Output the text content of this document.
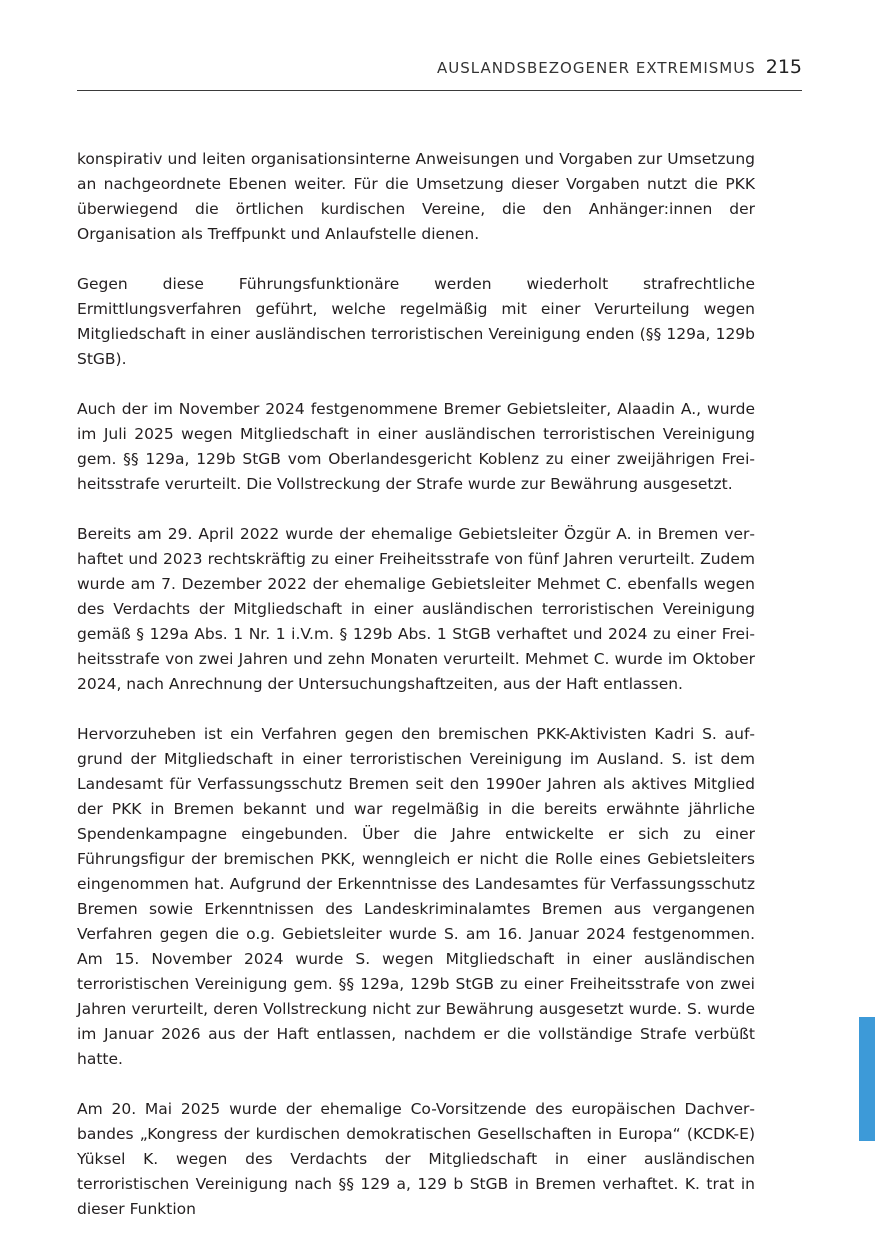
AUSLANDSBEZOGENER EXTREMISMUS 215

konspirativ und leiten organisationsinterne Anweisungen und Vorgaben zur Umsetzung an nachgeordnete Ebenen weiter. Für die Umsetzung dieser Vorgaben nutzt die PKK überwiegend die örtlichen kurdischen Vereine, die den Anhänger:innen der Organisation als Treffpunkt und Anlaufstelle dienen.

Gegen diese Führungsfunktionäre werden wiederholt strafrechtliche Ermittlungsverfahren geführt, welche regelmäßig mit einer Verurteilung wegen Mitgliedschaft in einer ausländischen terroristischen Vereinigung enden (§§ 129a, 129b StGB).

Auch der im November 2024 festgenommene Bremer Gebietsleiter, Alaadin A., wurde im Juli 2025 wegen Mitgliedschaft in einer ausländischen terroristischen Vereinigung gem. §§ 129a, 129b StGB vom Oberlandesgericht Koblenz zu einer zweijährigen Freiheitsstrafe verurteilt. Die Vollstreckung der Strafe wurde zur Bewährung ausgesetzt.

Bereits am 29. April 2022 wurde der ehemalige Gebietsleiter Özgür A. in Bremen verhaftet und 2023 rechtskräftig zu einer Freiheitsstrafe von fünf Jahren verurteilt. Zudem wurde am 7. Dezember 2022 der ehemalige Gebietsleiter Mehmet C. ebenfalls wegen des Verdachts der Mitgliedschaft in einer ausländischen terroristischen Vereinigung gemäß § 129a Abs. 1 Nr. 1 i.V.m. § 129b Abs. 1 StGB verhaftet und 2024 zu einer Freiheitsstrafe von zwei Jahren und zehn Monaten verurteilt. Mehmet C. wurde im Oktober 2024, nach Anrechnung der Untersuchungshaftzeiten, aus der Haft entlassen.

Hervorzuheben ist ein Verfahren gegen den bremischen PKK-Aktivisten Kadri S. aufgrund der Mitgliedschaft in einer terroristischen Vereinigung im Ausland. S. ist dem Landesamt für Verfassungsschutz Bremen seit den 1990er Jahren als aktives Mitglied der PKK in Bremen bekannt und war regelmäßig in die bereits erwähnte jährliche Spendenkampagne eingebunden. Über die Jahre entwickelte er sich zu einer Führungsfigur der bremischen PKK, wenngleich er nicht die Rolle eines Gebietsleiters eingenommen hat. Aufgrund der Erkenntnisse des Landesamtes für Verfassungsschutz Bremen sowie Erkenntnissen des Landeskriminalamtes Bremen aus vergangenen Verfahren gegen die o.g. Gebietsleiter wurde S. am 16. Januar 2024 festgenommen. Am 15. November 2024 wurde S. wegen Mitgliedschaft in einer ausländischen terroristischen Vereinigung gem. §§ 129a, 129b StGB zu einer Freiheitsstrafe von zwei Jahren verurteilt, deren Vollstreckung nicht zur Bewährung ausgesetzt wurde. S. wurde im Januar 2026 aus der Haft entlassen, nachdem er die vollständige Strafe verbüßt hatte.

Am 20. Mai 2025 wurde der ehemalige Co-Vorsitzende des europäischen Dachverbandes „Kongress der kurdischen demokratischen Gesellschaften in Europa“ (KCDK-E) Yüksel K. wegen des Verdachts der Mitgliedschaft in einer ausländischen terroristischen Vereinigung nach §§ 129 a, 129 b StGB in Bremen verhaftet. K. trat in dieser Funktion
